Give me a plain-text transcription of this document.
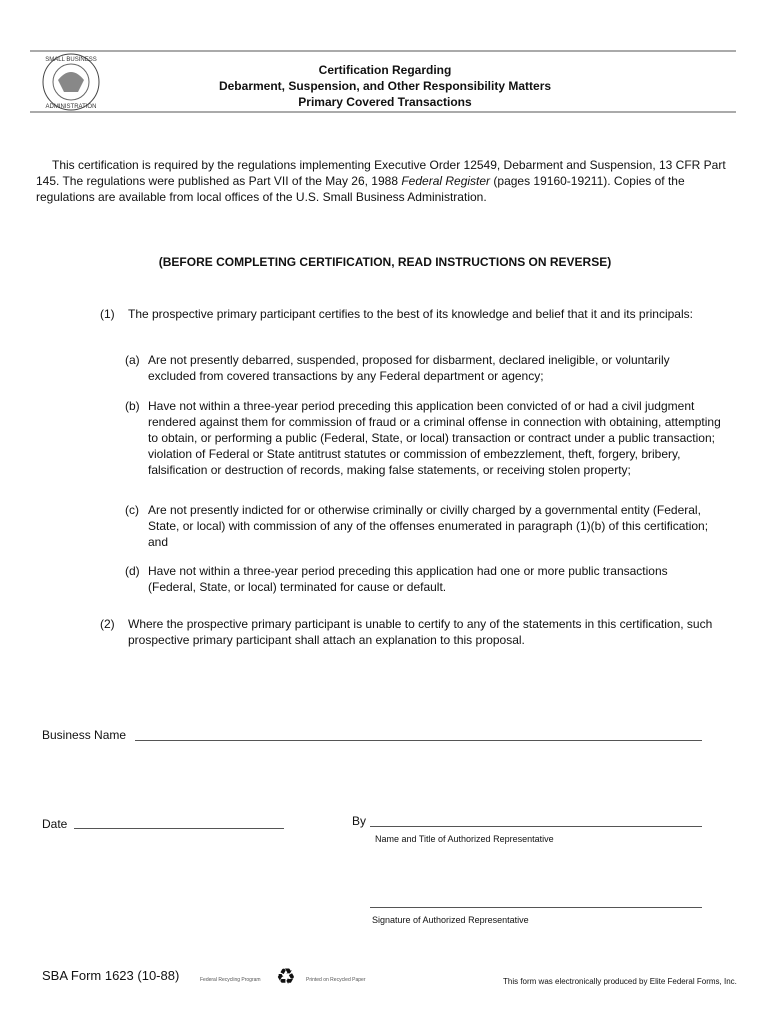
SMALL BUSINESS
ADMINISTRATION
Certification Regarding
Debarment, Suspension, and Other Responsibility Matters
Primary Covered Transactions
This certification is required by the regulations implementing Executive Order 12549, Debarment and Suspension, 13 CFR Part 145. The regulations were published as Part VII of the May 26, 1988 Federal Register (pages 19160-19211). Copies of the regulations are available from local offices of the U.S. Small Business Administration.
(BEFORE COMPLETING CERTIFICATION, READ INSTRUCTIONS ON REVERSE)
(1) The prospective primary participant certifies to the best of its knowledge and belief that it and its principals:
(a) Are not presently debarred, suspended, proposed for disbarment, declared ineligible, or voluntarily excluded from covered transactions by any Federal department or agency;
(b) Have not within a three-year period preceding this application been convicted of or had a civil judgment rendered against them for commission of fraud or a criminal offense in connection with obtaining, attempting to obtain, or performing a public (Federal, State, or local) transaction or contract under a public transaction; violation of Federal or State antitrust statutes or commission of embezzlement, theft, forgery, bribery, falsification or destruction of records, making false statements, or receiving stolen property;
(c) Are not presently indicted for or otherwise criminally or civilly charged by a governmental entity (Federal, State, or local) with commission of any of the offenses enumerated in paragraph (1)(b) of this certification; and
(d) Have not within a three-year period preceding this application had one or more public transactions (Federal, State, or local) terminated for cause or default.
(2) Where the prospective primary participant is unable to certify to any of the statements in this certification, such prospective primary participant shall attach an explanation to this proposal.
Business Name
Date	By
Name and Title of Authorized Representative
Signature of Authorized Representative
SBA Form 1623 (10-88)	Federal Recycling Program ♻ Printed on Recycled Paper	This form was electronically produced by Elite Federal Forms, Inc.
